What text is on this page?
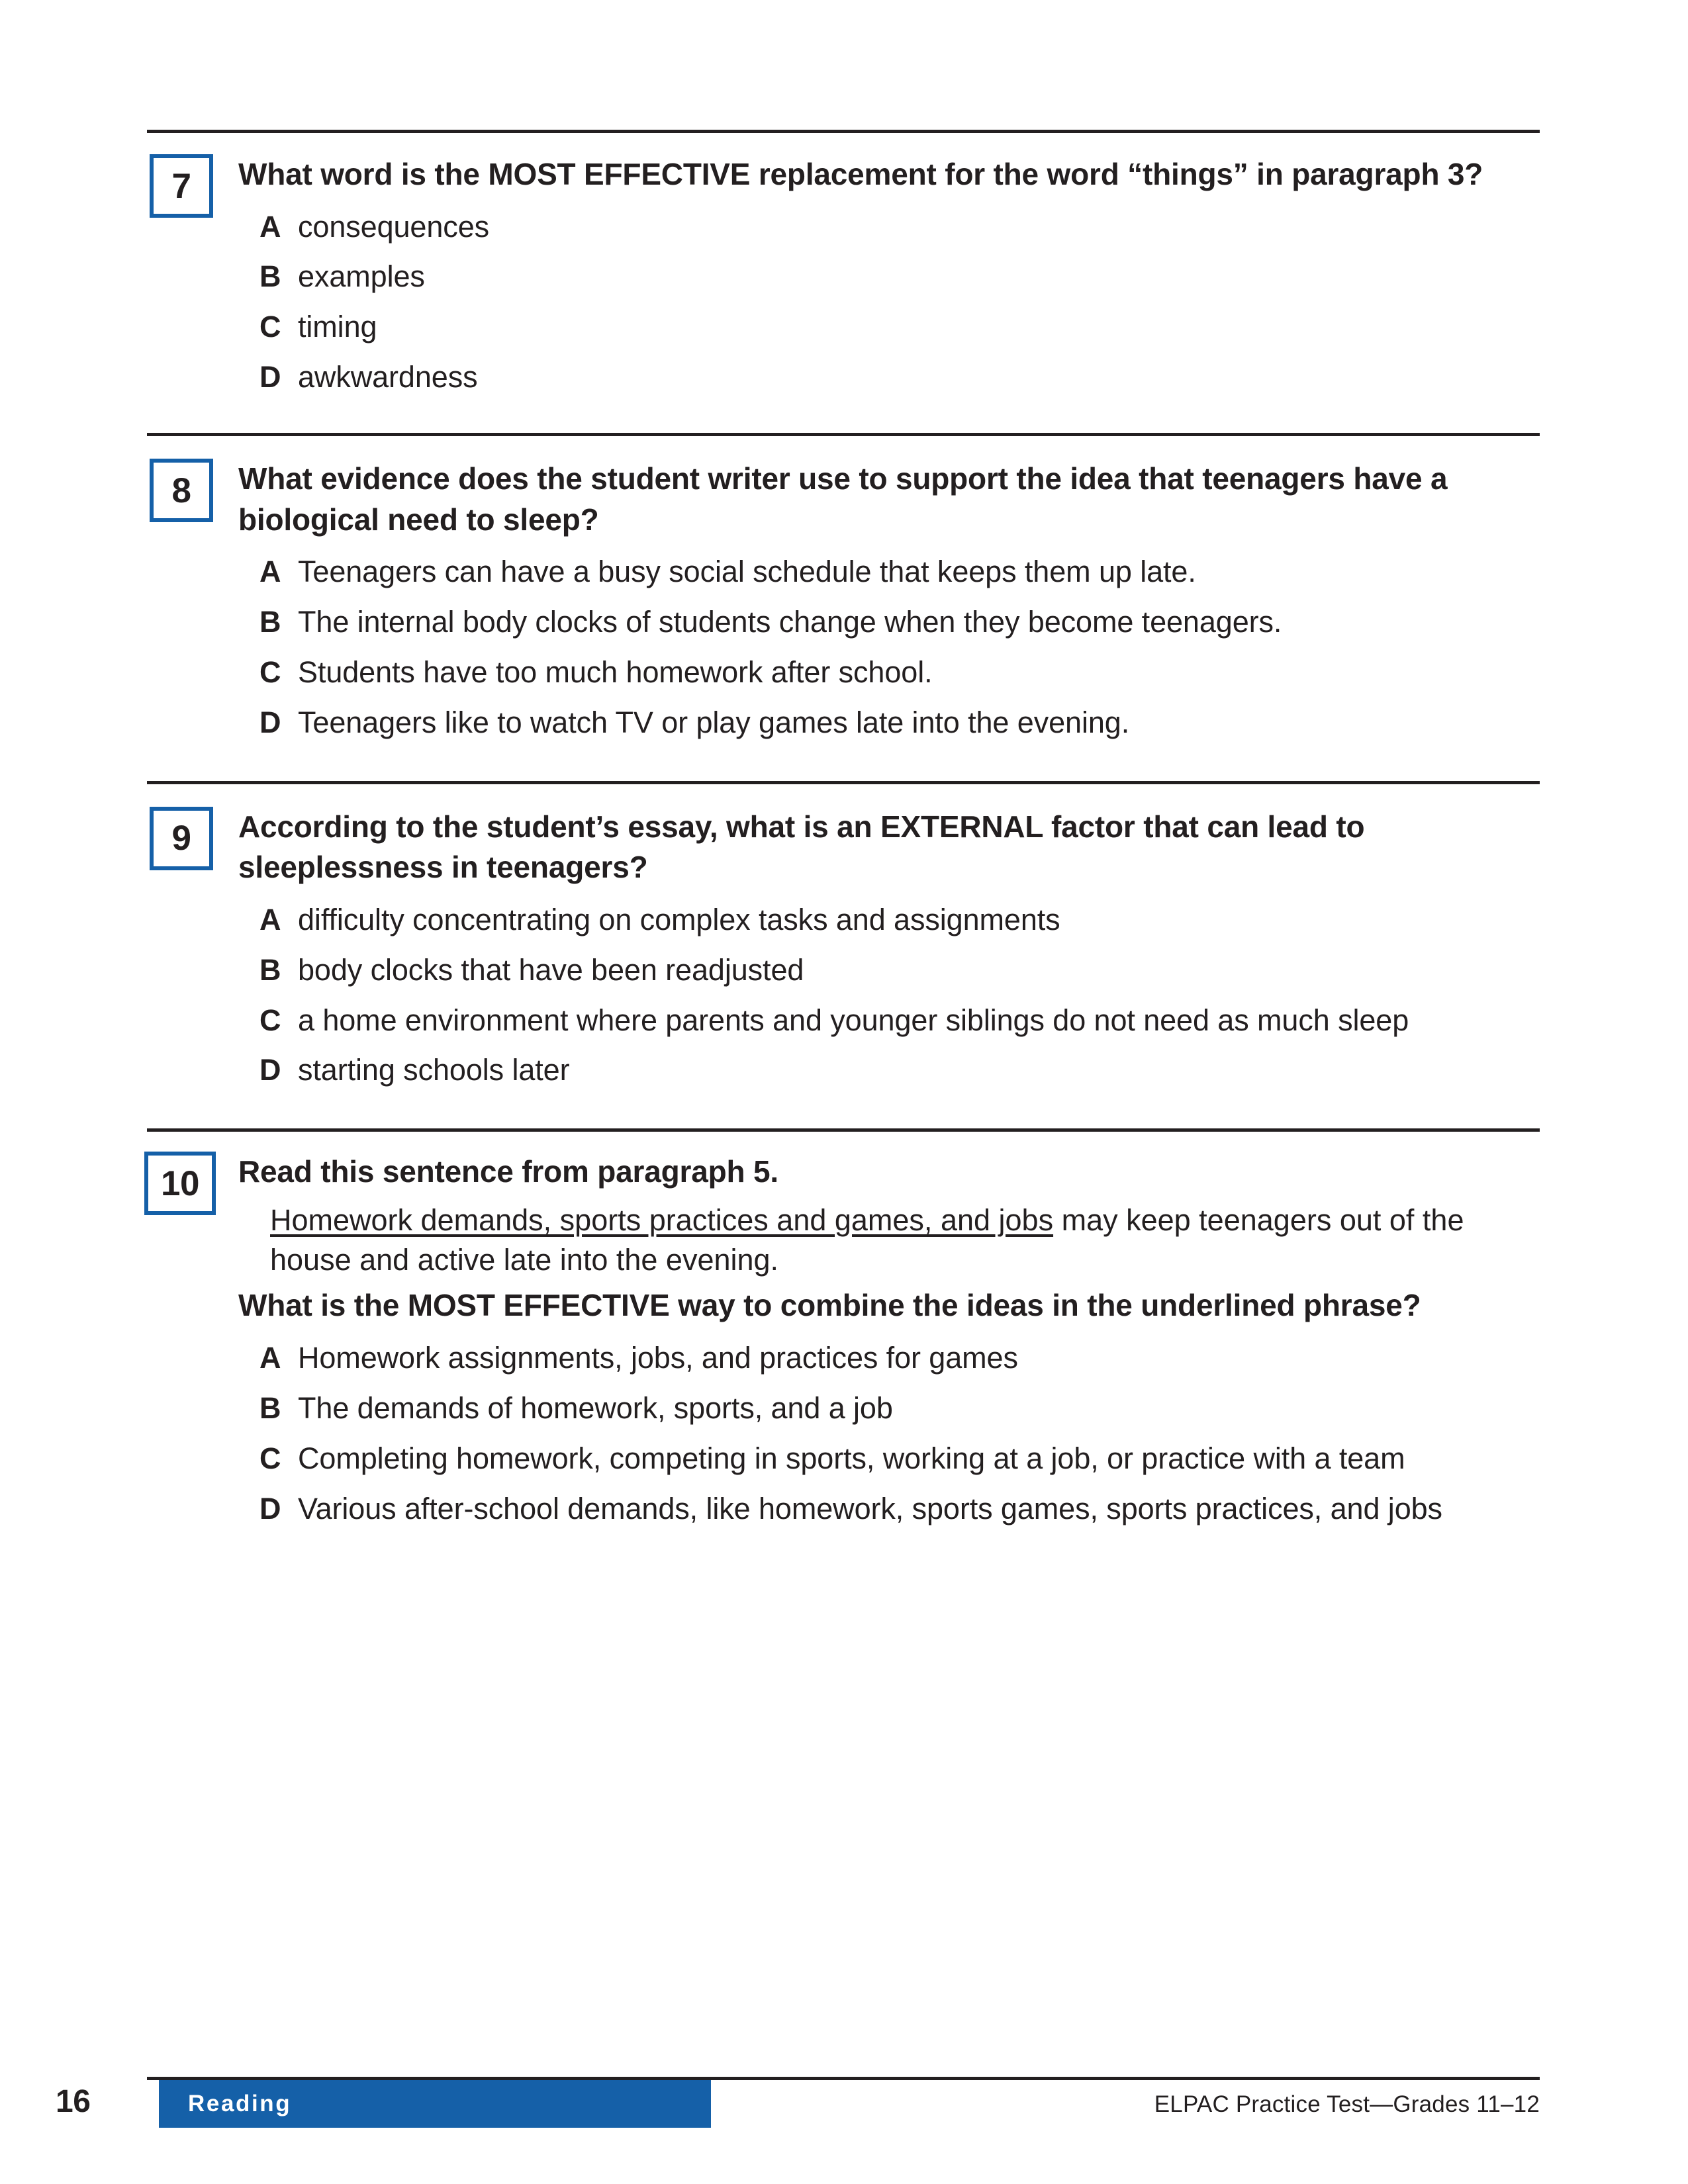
7	What word is the MOST EFFECTIVE replacement for the word “things” in paragraph 3?

A consequences
B examples
C timing
D awkwardness
8	What evidence does the student writer use to support the idea that teenagers have a biological need to sleep?

A Teenagers can have a busy social schedule that keeps them up late.
B The internal body clocks of students change when they become teenagers.
C Students have too much homework after school.
D Teenagers like to watch TV or play games late into the evening.
9	According to the student’s essay, what is an EXTERNAL factor that can lead to sleeplessness in teenagers?

A difficulty concentrating on complex tasks and assignments
B body clocks that have been readjusted
C a home environment where parents and younger siblings do not need as much sleep
D starting schools later
10	Read this sentence from paragraph 5.

Homework demands, sports practices and games, and jobs may keep teenagers out of the house and active late into the evening.

What is the MOST EFFECTIVE way to combine the ideas in the underlined phrase?

A Homework assignments, jobs, and practices for games
B The demands of homework, sports, and a job
C Completing homework, competing in sports, working at a job, or practice with a team
D Various after-school demands, like homework, sports games, sports practices, and jobs
16	Reading	ELPAC Practice Test—Grades 11–12
